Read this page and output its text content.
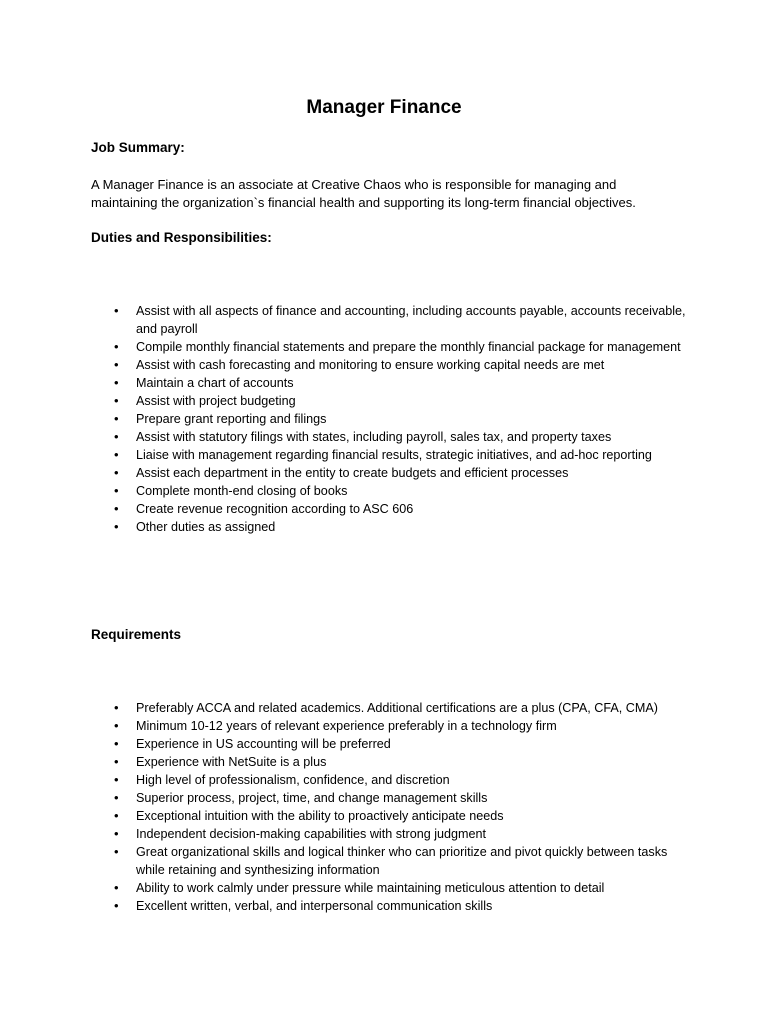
Manager Finance
Job Summary:

A Manager Finance is an associate at Creative Chaos who is responsible for managing and maintaining the organization`s financial health and supporting its long-term financial objectives.

Duties and Responsibilities:
• Assist with all aspects of finance and accounting, including accounts payable, accounts receivable, and payroll
• Compile monthly financial statements and prepare the monthly financial package for management
• Assist with cash forecasting and monitoring to ensure working capital needs are met
• Maintain a chart of accounts
• Assist with project budgeting
• Prepare grant reporting and filings
• Assist with statutory filings with states, including payroll, sales tax, and property taxes
• Liaise with management regarding financial results, strategic initiatives, and ad-hoc reporting
• Assist each department in the entity to create budgets and efficient processes
• Complete month-end closing of books
• Create revenue recognition according to ASC 606
• Other duties as assigned
Requirements
• Preferably ACCA and related academics. Additional certifications are a plus (CPA, CFA, CMA)
• Minimum 10-12 years of relevant experience preferably in a technology firm
• Experience in US accounting will be preferred
• Experience with NetSuite is a plus
• High level of professionalism, confidence, and discretion
• Superior process, project, time, and change management skills
• Exceptional intuition with the ability to proactively anticipate needs
• Independent decision-making capabilities with strong judgment
• Great organizational skills and logical thinker who can prioritize and pivot quickly between tasks while retaining and synthesizing information
• Ability to work calmly under pressure while maintaining meticulous attention to detail
• Excellent written, verbal, and interpersonal communication skills
